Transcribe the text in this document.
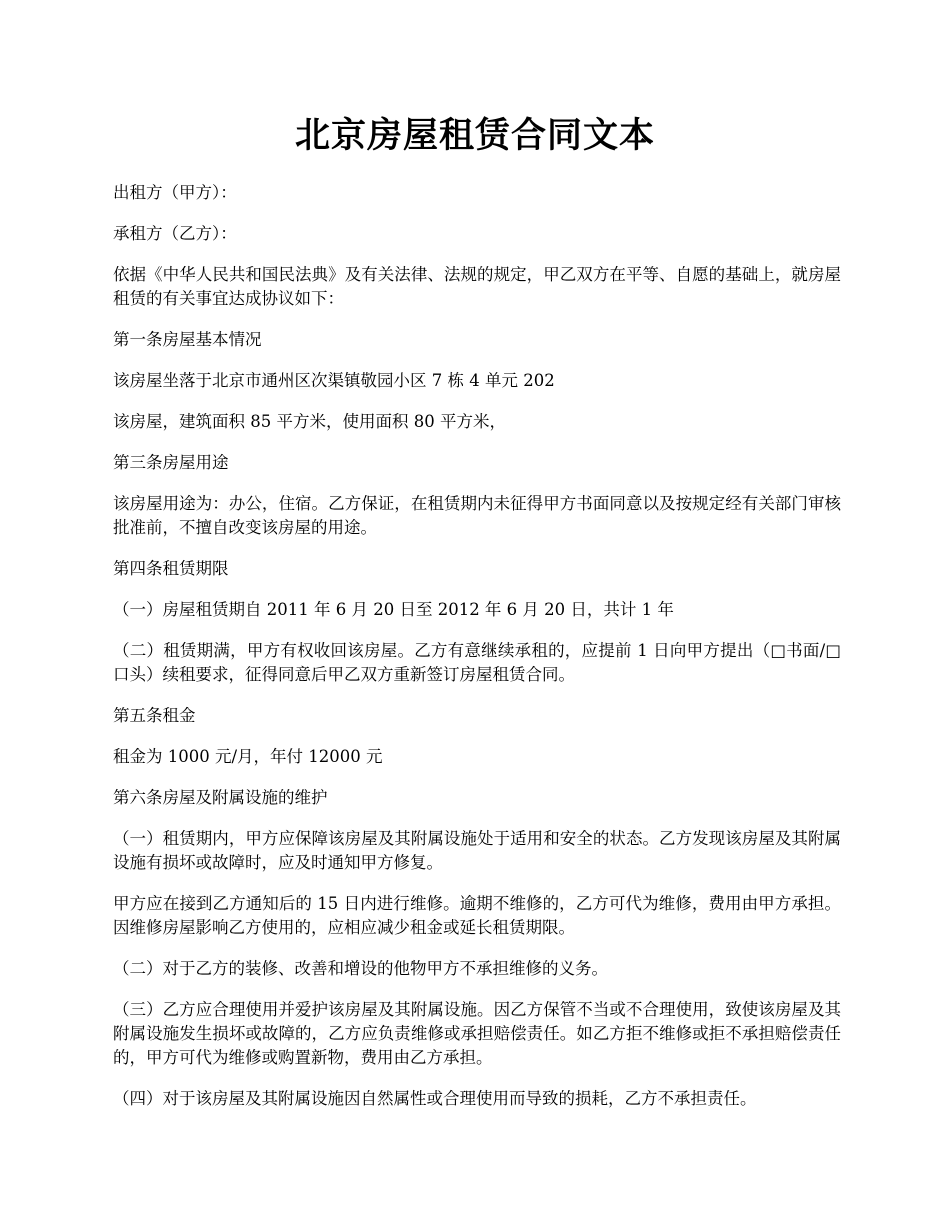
北京房屋租赁合同文本

出租方（甲方）：

承租方（乙方）：

依据《中华人民共和国民法典》及有关法律、法规的规定，甲乙双方在平等、自愿的基础上，就房屋租赁的有关事宜达成协议如下：

第一条房屋基本情况

该房屋坐落于北京市通州区次渠镇敬园小区 7 栋 4 单元 202

该房屋，建筑面积 85 平方米，使用面积 80 平方米，

第三条房屋用途

该房屋用途为：办公，住宿。乙方保证，在租赁期内未征得甲方书面同意以及按规定经有关部门审核批准前，不擅自改变该房屋的用途。

第四条租赁期限

（一）房屋租赁期自 2011 年 6 月 20 日至 2012 年 6 月 20 日，共计 1 年

（二）租赁期满，甲方有权收回该房屋。乙方有意继续承租的，应提前 1 日向甲方提出（□书面/□口头）续租要求，征得同意后甲乙双方重新签订房屋租赁合同。

第五条租金

租金为 1000 元/月，年付 12000 元

第六条房屋及附属设施的维护

（一）租赁期内，甲方应保障该房屋及其附属设施处于适用和安全的状态。乙方发现该房屋及其附属设施有损坏或故障时，应及时通知甲方修复。

甲方应在接到乙方通知后的 15 日内进行维修。逾期不维修的，乙方可代为维修，费用由甲方承担。因维修房屋影响乙方使用的，应相应减少租金或延长租赁期限。

（二）对于乙方的装修、改善和增设的他物甲方不承担维修的义务。

（三）乙方应合理使用并爱护该房屋及其附属设施。因乙方保管不当或不合理使用，致使该房屋及其附属设施发生损坏或故障的，乙方应负责维修或承担赔偿责任。如乙方拒不维修或拒不承担赔偿责任的，甲方可代为维修或购置新物，费用由乙方承担。

（四）对于该房屋及其附属设施因自然属性或合理使用而导致的损耗，乙方不承担责任。
